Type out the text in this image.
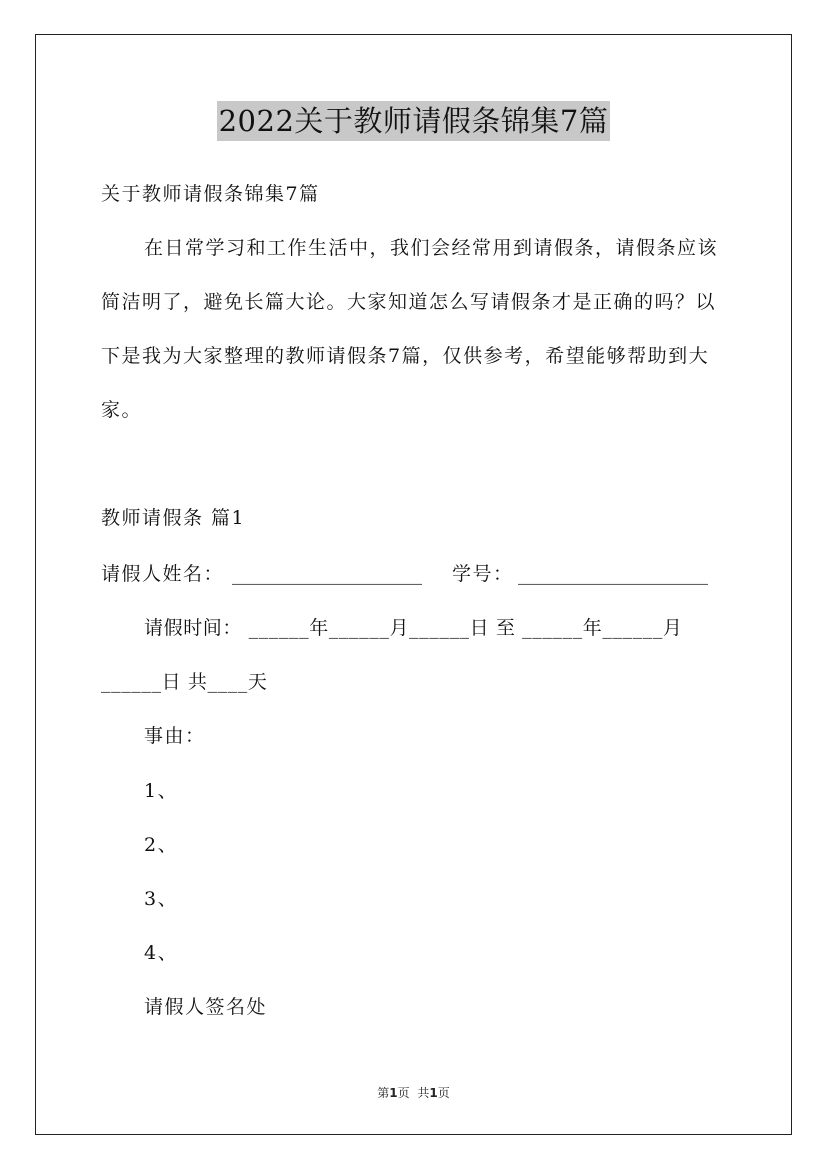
2022关于教师请假条锦集7篇
关于教师请假条锦集7篇
在日常学习和工作生活中，我们会经常用到请假条，请假条应该
简洁明了，避免长篇大论。大家知道怎么写请假条才是正确的吗？以
下是我为大家整理的教师请假条7篇，仅供参考，希望能够帮助到大
家。
教师请假条 篇1
请假人姓名： ____________________ 学号： ____________________
请假时间： ______年______月______日 至 ______年______月
______日 共____天
事由：
1、
2、
3、
4、
请假人签名处
第1页 共1页
